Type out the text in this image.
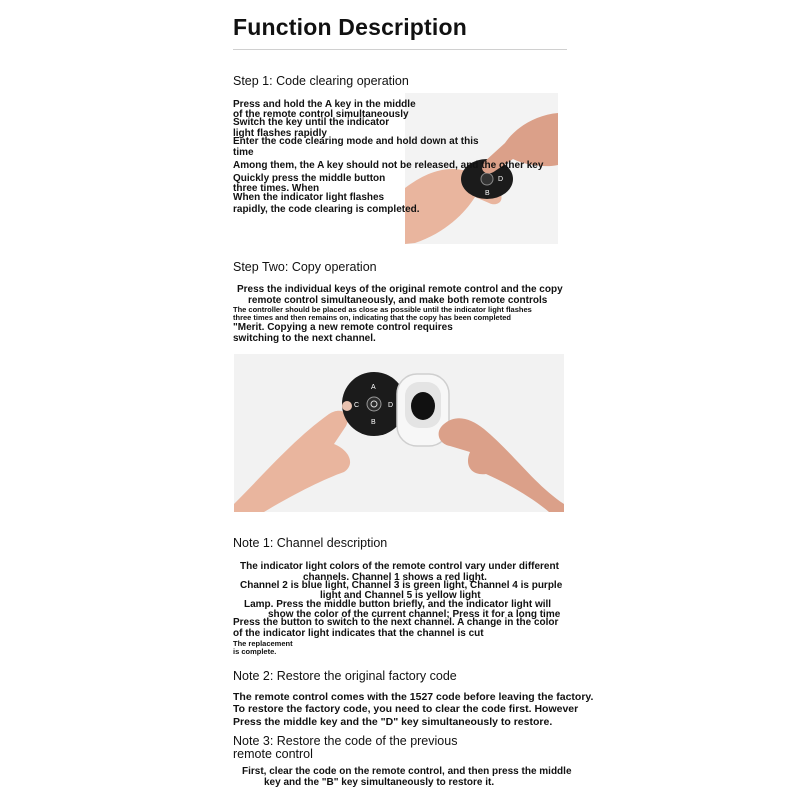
Function Description
Step 1: Code clearing operation
D
B
Press and hold the A key in the middle
of the remote control simultaneously
Switch the key until the indicator
light flashes rapidly
Enter the code clearing mode and hold down at this
time
Among them, the A key should not be released, and the other key
Quickly press the middle button
three times. When
When the indicator light flashes
rapidly, the code clearing is completed.
Step Two: Copy operation
Press the individual keys of the original remote control and the copy
remote control simultaneously, and make both remote controls
The controller should be placed as close as possible until the indicator light flashes
three times and then remains on, indicating that the copy has been completed
"Merit. Copying a new remote control requires
switching to the next channel.
A
D
B
C
Note 1: Channel description
The indicator light colors of the remote control vary under different
channels. Channel 1 shows a red light.
Channel 2 is blue light, Channel 3 is green light, Channel 4 is purple
light and Channel 5 is yellow light
Lamp. Press the middle button briefly, and the indicator light will
show the color of the current channel; Press it for a long time
Press the button to switch to the next channel. A change in the color
of the indicator light indicates that the channel is cut
The replacement
is complete.
Note 2: Restore the original factory code
The remote control comes with the 1527 code before leaving the factory.
To restore the factory code, you need to clear the code first. However
Press the middle key and the "D" key simultaneously to restore.
Note 3: Restore the code of the previous
remote control
First, clear the code on the remote control, and then press the middle
key and the "B" key simultaneously to restore it.
